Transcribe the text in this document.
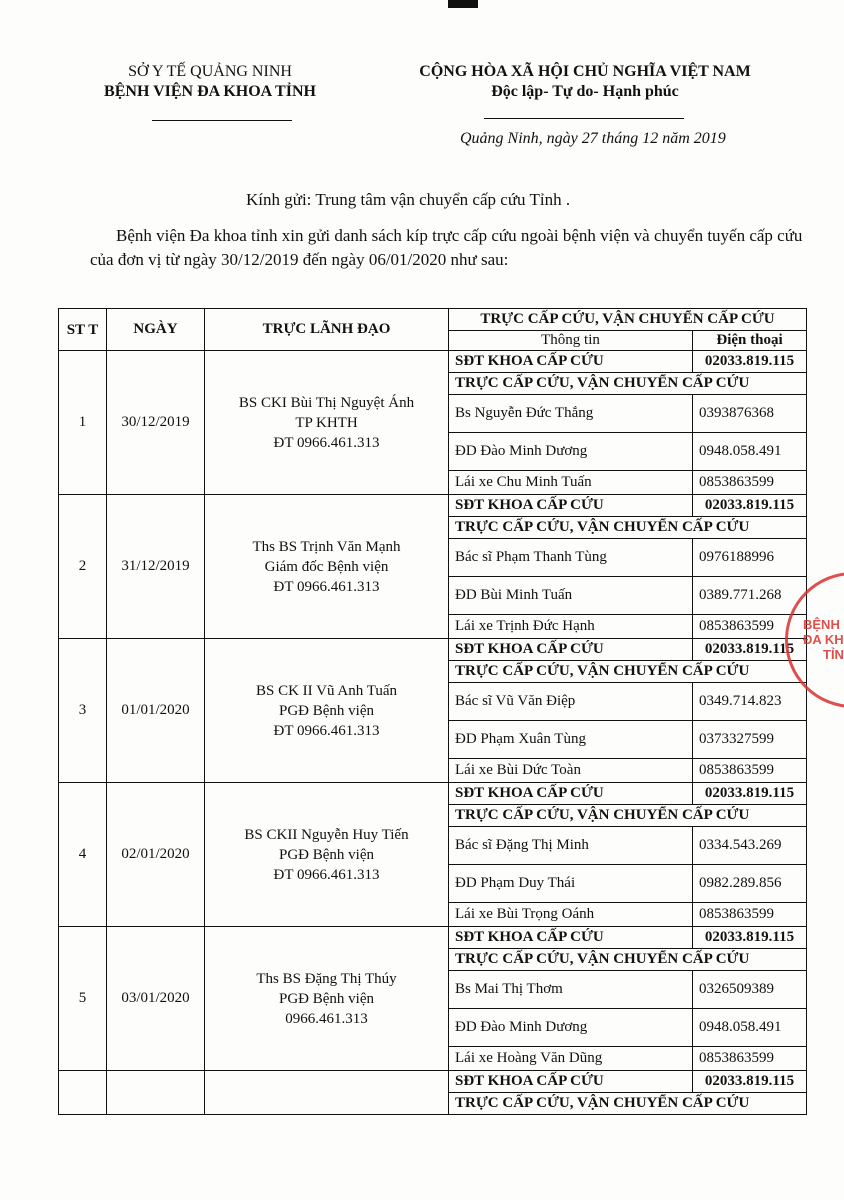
SỞ Y TẾ QUẢNG NINH
BỆNH VIỆN ĐA KHOA TỈNH
CỘNG HÒA XÃ HỘI CHỦ NGHĨA VIỆT NAM
Độc lập- Tự do- Hạnh phúc
Quảng Ninh, ngày 27 tháng 12 năm 2019
Kính gửi: Trung tâm vận chuyển cấp cứu Tỉnh .
Bệnh viện Đa khoa tỉnh xin gửi danh sách kíp trực cấp cứu ngoài bệnh viện và chuyển tuyến cấp cứu của đơn vị từ ngày 30/12/2019 đến ngày 06/01/2020 như sau:
ST T	NGÀY	TRỰC LÃNH ĐẠO	TRỰC CẤP CỨU, VẬN CHUYỂN CẤP CỨU	
			Thông tin	Điện thoại
1	30/12/2019	BS CKI Bùi Thị Nguyệt Ánh
TP KHTH
ĐT 0966.461.313	SĐT KHOA CẤP CỨU	02033.819.115
			TRỰC CẤP CỨU, VẬN CHUYỂN CẤP CỨU	
			Bs Nguyễn Đức Thắng	0393876368
			ĐD Đào Minh Dương	0948.058.491
			Lái xe Chu Minh Tuấn	0853863599
2	31/12/2019	Ths BS Trịnh Văn Mạnh
Giám đốc Bệnh viện
ĐT 0966.461.313	SĐT KHOA CẤP CỨU	02033.819.115
			TRỰC CẤP CỨU, VẬN CHUYỂN CẤP CỨU	
			Bác sĩ Phạm Thanh Tùng	0976188996
			ĐD Bùi Minh Tuấn	0389.771.268
			Lái xe Trịnh Đức Hạnh	0853863599
3	01/01/2020	BS CK II Vũ Anh Tuấn
PGĐ Bệnh viện
ĐT 0966.461.313	SĐT KHOA CẤP CỨU	02033.819.115
			TRỰC CẤP CỨU, VẬN CHUYỂN CẤP CỨU	
			Bác sĩ Vũ Văn Điệp	0349.714.823
			ĐD Phạm Xuân Tùng	0373327599
			Lái xe Bùi Dức Toàn	0853863599
4	02/01/2020	BS CKII Nguyễn Huy Tiến
PGĐ Bệnh viện
ĐT 0966.461.313	SĐT KHOA CẤP CỨU	02033.819.115
			TRỰC CẤP CỨU, VẬN CHUYỂN CẤP CỨU	
			Bác sĩ Đặng Thị Minh	0334.543.269
			ĐD Phạm Duy Thái	0982.289.856
			Lái xe Bùi Trọng Oánh	0853863599
5	03/01/2020	Ths BS Đặng Thị Thúy
PGĐ Bệnh viện
0966.461.313	SĐT KHOA CẤP CỨU	02033.819.115
			TRỰC CẤP CỨU, VẬN CHUYỂN CẤP CỨU	
			Bs Mai Thị Thơm	0326509389
			ĐD Đào Minh Dương	0948.058.491
			Lái xe Hoàng Văn Dũng	0853863599
			SĐT KHOA CẤP CỨU	02033.819.115
			TRỰC CẤP CỨU, VẬN CHUYỂN CẤP CỨU	
BỆNH
ĐA KH
TỈN
